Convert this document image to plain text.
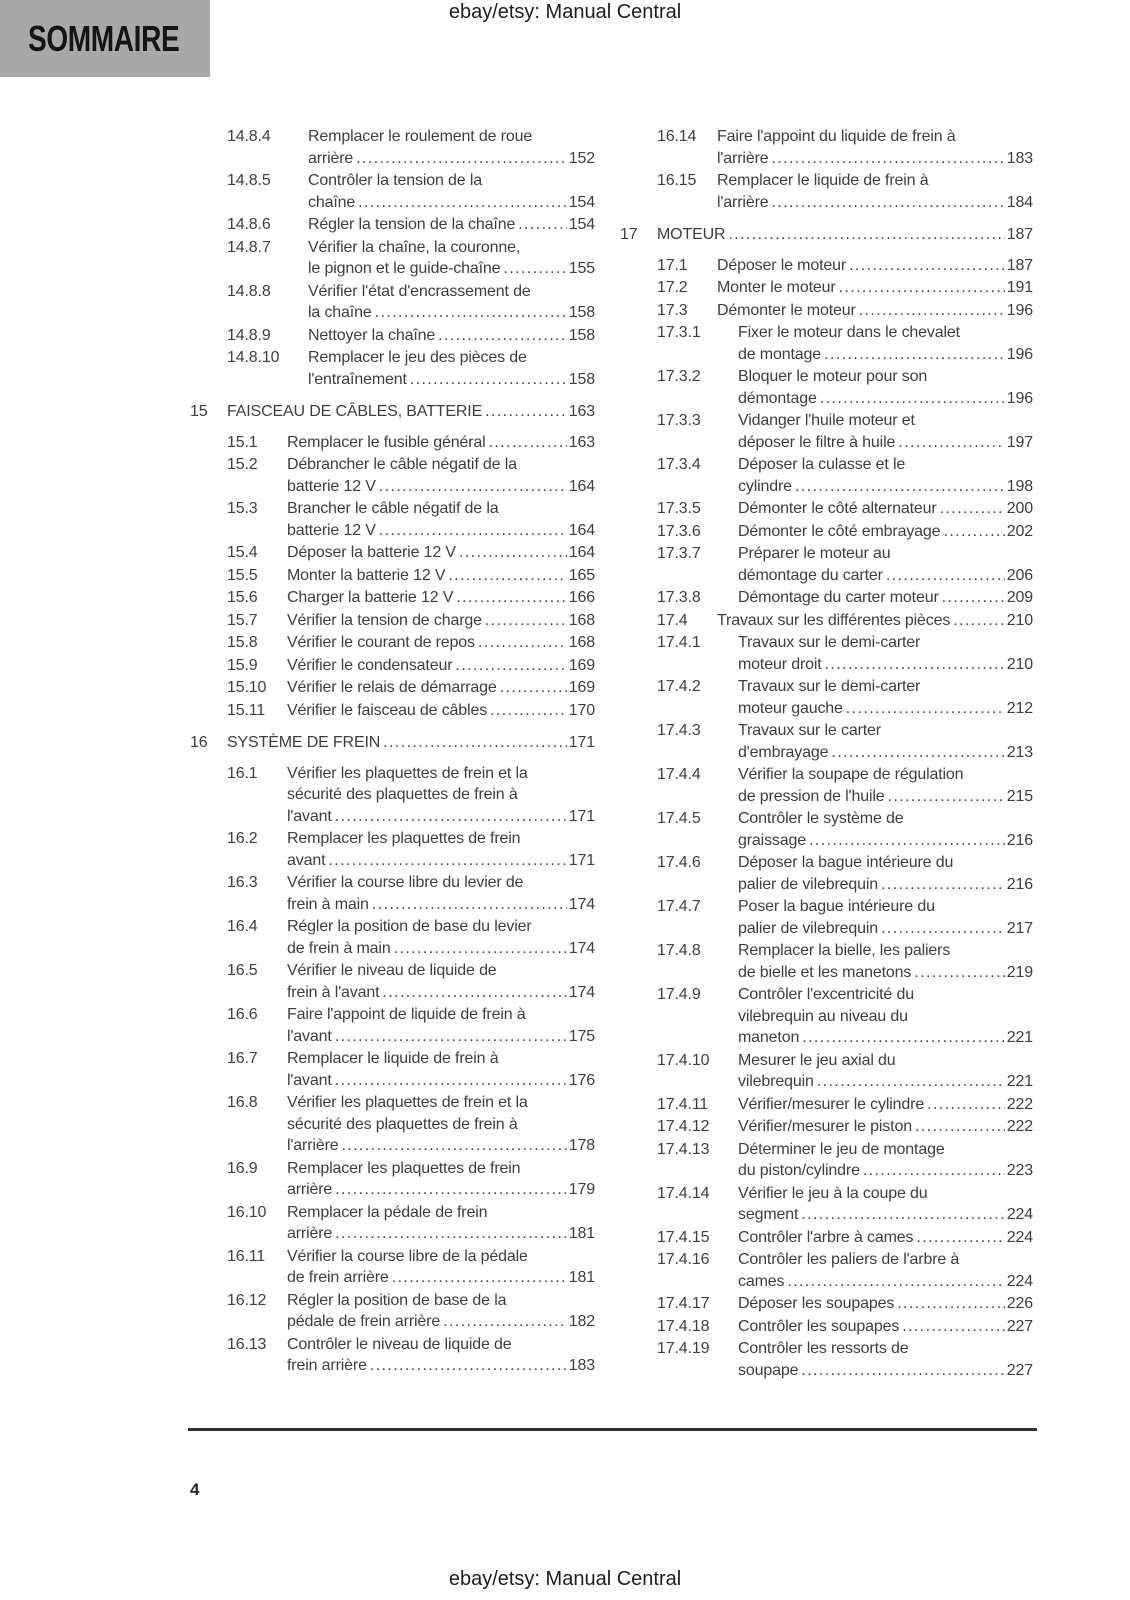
ebay/etsy: Manual Central
SOMMAIRE
14.8.4	Remplacer le roulement de roue
arrière .....	152
14.8.5	Contrôler la tension de la
chaîne .....	154
14.8.6	Régler la tension de la chaîne .....	154
14.8.7	Vérifier la chaîne, la couronne,
le pignon et le guide-chaîne .....	155
14.8.8	Vérifier l'état d'encrassement de
la chaîne .....	158
14.8.9	Nettoyer la chaîne .....	158
14.8.10	Remplacer le jeu des pièces de
l'entraînement .....	158
15	FAISCEAU DE CÂBLES, BATTERIE .....	163
15.1	Remplacer le fusible général .....	163
15.2	Débrancher le câble négatif de la
batterie 12 V .....	164
15.3	Brancher le câble négatif de la
batterie 12 V .....	164
15.4	Déposer la batterie 12 V .....	164
15.5	Monter la batterie 12 V .....	165
15.6	Charger la batterie 12 V .....	166
15.7	Vérifier la tension de charge .....	168
15.8	Vérifier le courant de repos .....	168
15.9	Vérifier le condensateur .....	169
15.10	Vérifier le relais de démarrage .....	169
15.11	Vérifier le faisceau de câbles .....	170
16	SYSTÈME DE FREIN .....	171
16.1	Vérifier les plaquettes de frein et la
sécurité des plaquettes de frein à
l'avant .....	171
16.2	Remplacer les plaquettes de frein
avant .....	171
16.3	Vérifier la course libre du levier de
frein à main .....	174
16.4	Régler la position de base du levier
de frein à main .....	174
16.5	Vérifier le niveau de liquide de
frein à l'avant .....	174
16.6	Faire l'appoint de liquide de frein à
l'avant .....	175
16.7	Remplacer le liquide de frein à
l'avant .....	176
16.8	Vérifier les plaquettes de frein et la
sécurité des plaquettes de frein à
l'arrière .....	178
16.9	Remplacer les plaquettes de frein
arrière .....	179
16.10	Remplacer la pédale de frein
arrière .....	181
16.11	Vérifier la course libre de la pédale
de frein arrière .....	181
16.12	Régler la position de base de la
pédale de frein arrière .....	182
16.13	Contrôler le niveau de liquide de
frein arrière .....	183
16.14	Faire l'appoint du liquide de frein à
l'arrière .....	183
16.15	Remplacer le liquide de frein à
l'arrière .....	184
17	MOTEUR .....	187
17.1	Déposer le moteur .....	187
17.2	Monter le moteur .....	191
17.3	Démonter le moteur .....	196
17.3.1	Fixer le moteur dans le chevalet
de montage .....	196
17.3.2	Bloquer le moteur pour son
démontage .....	196
17.3.3	Vidanger l'huile moteur et
déposer le filtre à huile .....	197
17.3.4	Déposer la culasse et le
cylindre .....	198
17.3.5	Démonter le côté alternateur .....	200
17.3.6	Démonter le côté embrayage .....	202
17.3.7	Préparer le moteur au
démontage du carter .....	206
17.3.8	Démontage du carter moteur .....	209
17.4	Travaux sur les différentes pièces .....	210
17.4.1	Travaux sur le demi-carter
moteur droit .....	210
17.4.2	Travaux sur le demi-carter
moteur gauche .....	212
17.4.3	Travaux sur le carter
d'embrayage .....	213
17.4.4	Vérifier la soupape de régulation
de pression de l'huile .....	215
17.4.5	Contrôler le système de
graissage .....	216
17.4.6	Déposer la bague intérieure du
palier de vilebrequin .....	216
17.4.7	Poser la bague intérieure du
palier de vilebrequin .....	217
17.4.8	Remplacer la bielle, les paliers
de bielle et les manetons .....	219
17.4.9	Contrôler l'excentricité du
vilebrequin au niveau du
maneton .....	221
17.4.10	Mesurer le jeu axial du
vilebrequin .....	221
17.4.11	Vérifier/mesurer le cylindre .....	222
17.4.12	Vérifier/mesurer le piston .....	222
17.4.13	Déterminer le jeu de montage
du piston/cylindre .....	223
17.4.14	Vérifier le jeu à la coupe du
segment .....	224
17.4.15	Contrôler l'arbre à cames .....	224
17.4.16	Contrôler les paliers de l'arbre à
cames .....	224
17.4.17	Déposer les soupapes .....	226
17.4.18	Contrôler les soupapes .....	227
17.4.19	Contrôler les ressorts de
soupape .....	227
4
ebay/etsy: Manual Central
